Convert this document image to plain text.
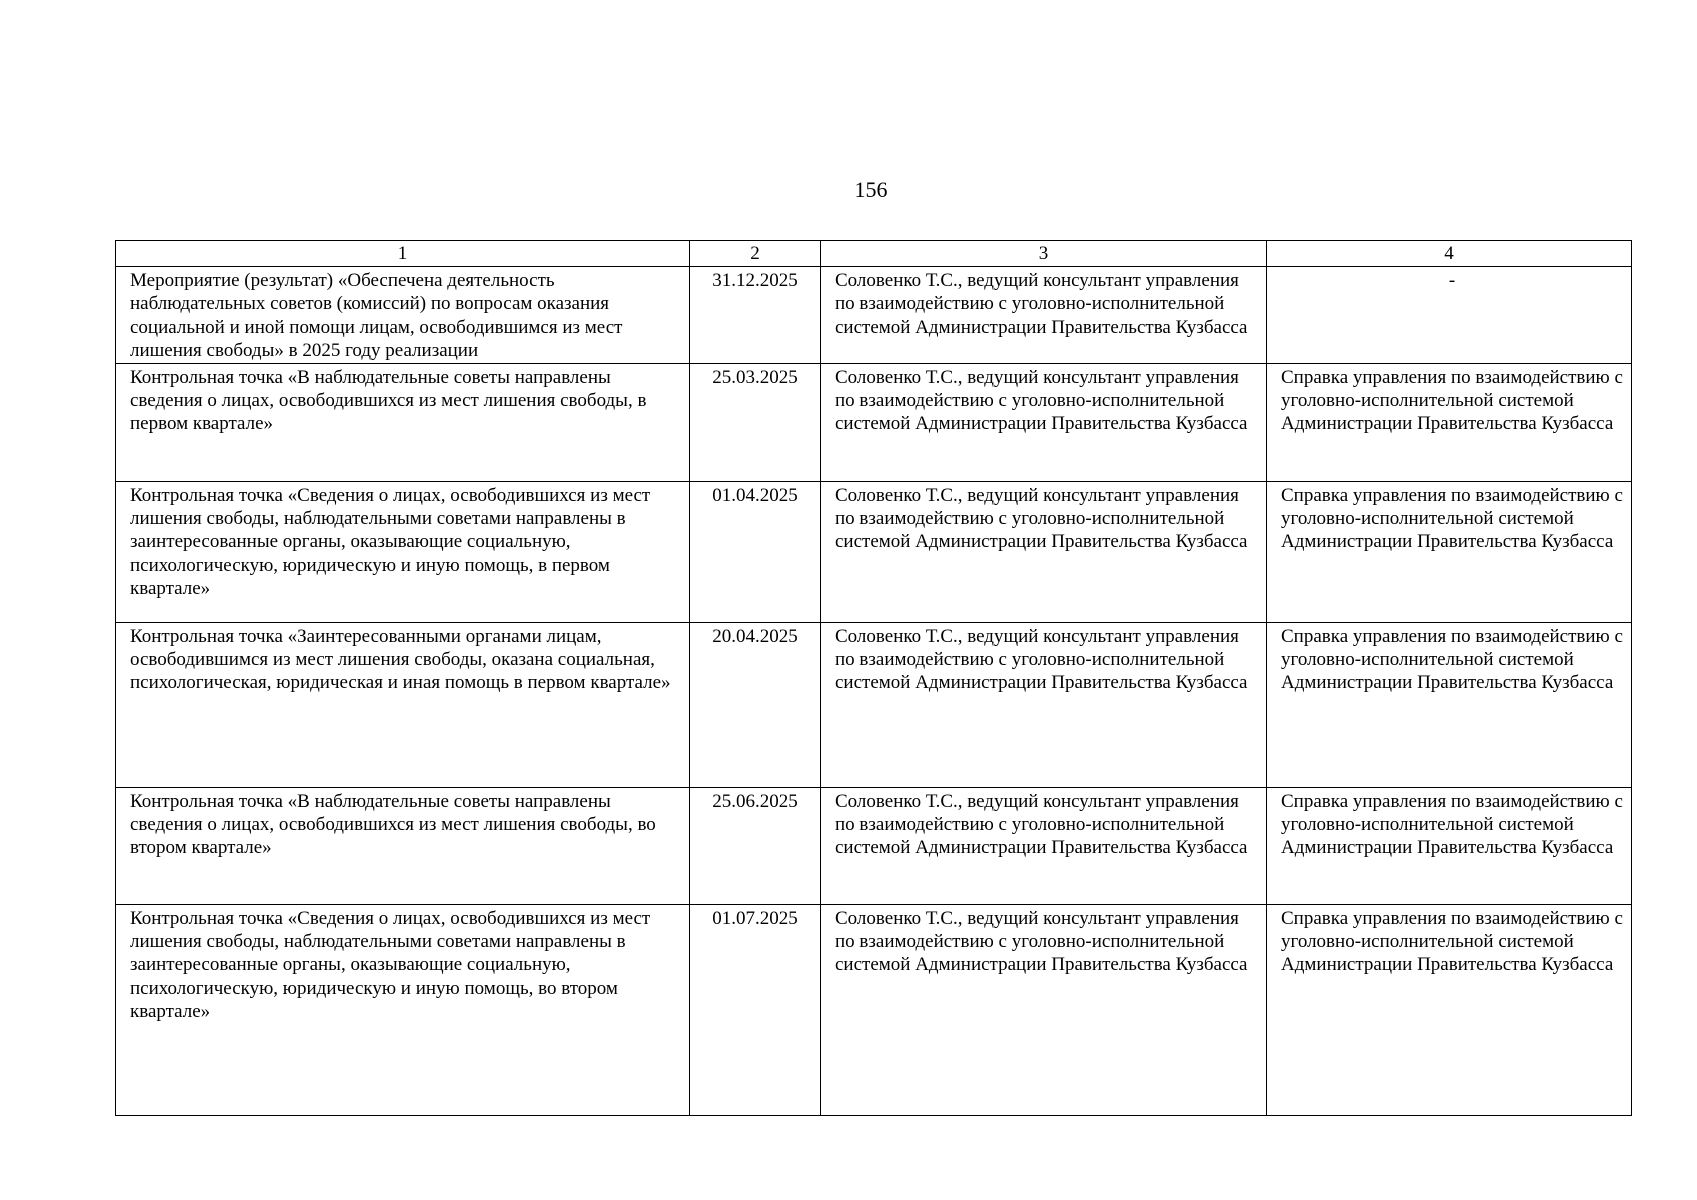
156
1	2	3	4
Мероприятие (результат) «Обеспечена деятельность наблюдательных советов (комиссий) по вопросам оказания социальной и иной помощи лицам, освободившимся из мест лишения свободы» в 2025 году реализации	31.12.2025	Соловенко Т.С., ведущий консультант управления по взаимодействию с уголовно-исполнительной системой Администрации Правительства Кузбасса	-
Контрольная точка «В наблюдательные советы направлены сведения о лицах, освободившихся из мест лишения свободы, в первом квартале»	25.03.2025	Соловенко Т.С., ведущий консультант управления по взаимодействию с уголовно-исполнительной системой Администрации Правительства Кузбасса	Справка управления по взаимодействию с уголовно-исполнительной системой Администрации Правительства Кузбасса
Контрольная точка «Сведения о лицах, освободившихся из мест лишения свободы, наблюдательными советами направлены в заинтересованные органы, оказывающие социальную, психологическую, юридическую и иную помощь, в первом квартале»	01.04.2025	Соловенко Т.С., ведущий консультант управления по взаимодействию с уголовно-исполнительной системой Администрации Правительства Кузбасса	Справка управления по взаимодействию с уголовно-исполнительной системой Администрации Правительства Кузбасса
Контрольная точка «Заинтересованными органами лицам, освободившимся из мест лишения свободы, оказана социальная, психологическая, юридическая и иная помощь в первом квартале»	20.04.2025	Соловенко Т.С., ведущий консультант управления по взаимодействию с уголовно-исполнительной системой Администрации Правительства Кузбасса	Справка управления по взаимодействию с уголовно-исполнительной системой Администрации Правительства Кузбасса
Контрольная точка «В наблюдательные советы направлены сведения о лицах, освободившихся из мест лишения свободы, во втором квартале»	25.06.2025	Соловенко Т.С., ведущий консультант управления по взаимодействию с уголовно-исполнительной системой Администрации Правительства Кузбасса	Справка управления по взаимодействию с уголовно-исполнительной системой Администрации Правительства Кузбасса
Контрольная точка «Сведения о лицах, освободившихся из мест лишения свободы, наблюдательными советами направлены в заинтересованные органы, оказывающие социальную, психологическую, юридическую и иную помощь, во втором квартале»	01.07.2025	Соловенко Т.С., ведущий консультант управления по взаимодействию с уголовно-исполнительной системой Администрации Правительства Кузбасса	Справка управления по взаимодействию с уголовно-исполнительной системой Администрации Правительства Кузбасса
